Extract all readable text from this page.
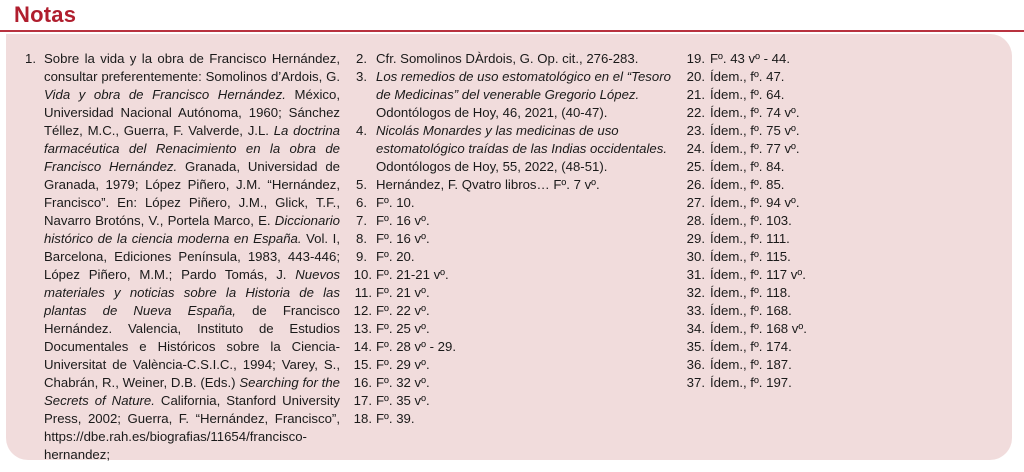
Notas
1. Sobre la vida y la obra de Francisco Hernández, consultar preferentemente: Somolinos d’Ardois, G. Vida y obra de Francisco Hernández. México, Universidad Nacional Autónoma, 1960; Sánchez Téllez, M.C., Guerra, F. Valverde, J.L. La doctrina farmacéutica del Renacimiento en la obra de Francisco Hernández. Granada, Universidad de Granada, 1979; López Piñero, J.M. “Hernández, Francisco”. En: López Piñero, J.M., Glick, T.F., Navarro Brotóns, V., Portela Marco, E. Diccionario histórico de la ciencia moderna en España. Vol. I, Barcelona, Ediciones Península, 1983, 443-446; López Piñero, M.M.; Pardo Tomás, J. Nuevos materiales y noticias sobre la Historia de las plantas de Nueva España, de Francisco Hernández. Valencia, Instituto de Estudios Documentales e Históricos sobre la Ciencia-Universitat de València-C.S.I.C., 1994; Varey, S., Chabrán, R., Weiner, D.B. (Eds.) Searching for the Secrets of Nature. California, Stanford University Press, 2002; Guerra, F. “Hernández, Francisco”, https://dbe.rah.es/biografias/11654/francisco-hernandez;
2. Cfr. Somolinos DÀrdois, G. Op. cit., 276-283.
3. Los remedios de uso estomatológico en el “Tesoro de Medicinas” del venerable Gregorio López. Odontólogos de Hoy, 46, 2021, (40-47).
4. Nicolás Monardes y las medicinas de uso estomatológico traídas de las Indias occidentales. Odontólogos de Hoy, 55, 2022, (48-51).
5. Hernández, F. Qvatro libros… Fº. 7 vº.
6. Fº. 10.
7. Fº. 16 vº.
8. Fº. 16 vº.
9. Fº. 20.
10. Fº. 21-21 vº.
11. Fº. 21 vº.
12. Fº. 22 vº.
13. Fº. 25 vº.
14. Fº. 28 vº - 29.
15. Fº. 29 vº.
16. Fº. 32 vº.
17. Fº. 35 vº.
18. Fº. 39.
19. Fº. 43 vº - 44.
20. Ídem., fº. 47.
21. Ídem., fº. 64.
22. Ídem., fº. 74 vº.
23. Ídem., fº. 75 vº.
24. Ídem., fº. 77 vº.
25. Ídem., fº. 84.
26. Ídem., fº. 85.
27. Ídem., fº. 94 vº.
28. Ídem., fº. 103.
29. Ídem., fº. 111.
30. Ídem., fº. 115.
31. Ídem., fº. 117 vº.
32. Ídem., fº. 118.
33. Ídem., fº. 168.
34. Ídem., fº. 168 vº.
35. Ídem., fº. 174.
36. Ídem., fº. 187.
37. Ídem., fº. 197.
